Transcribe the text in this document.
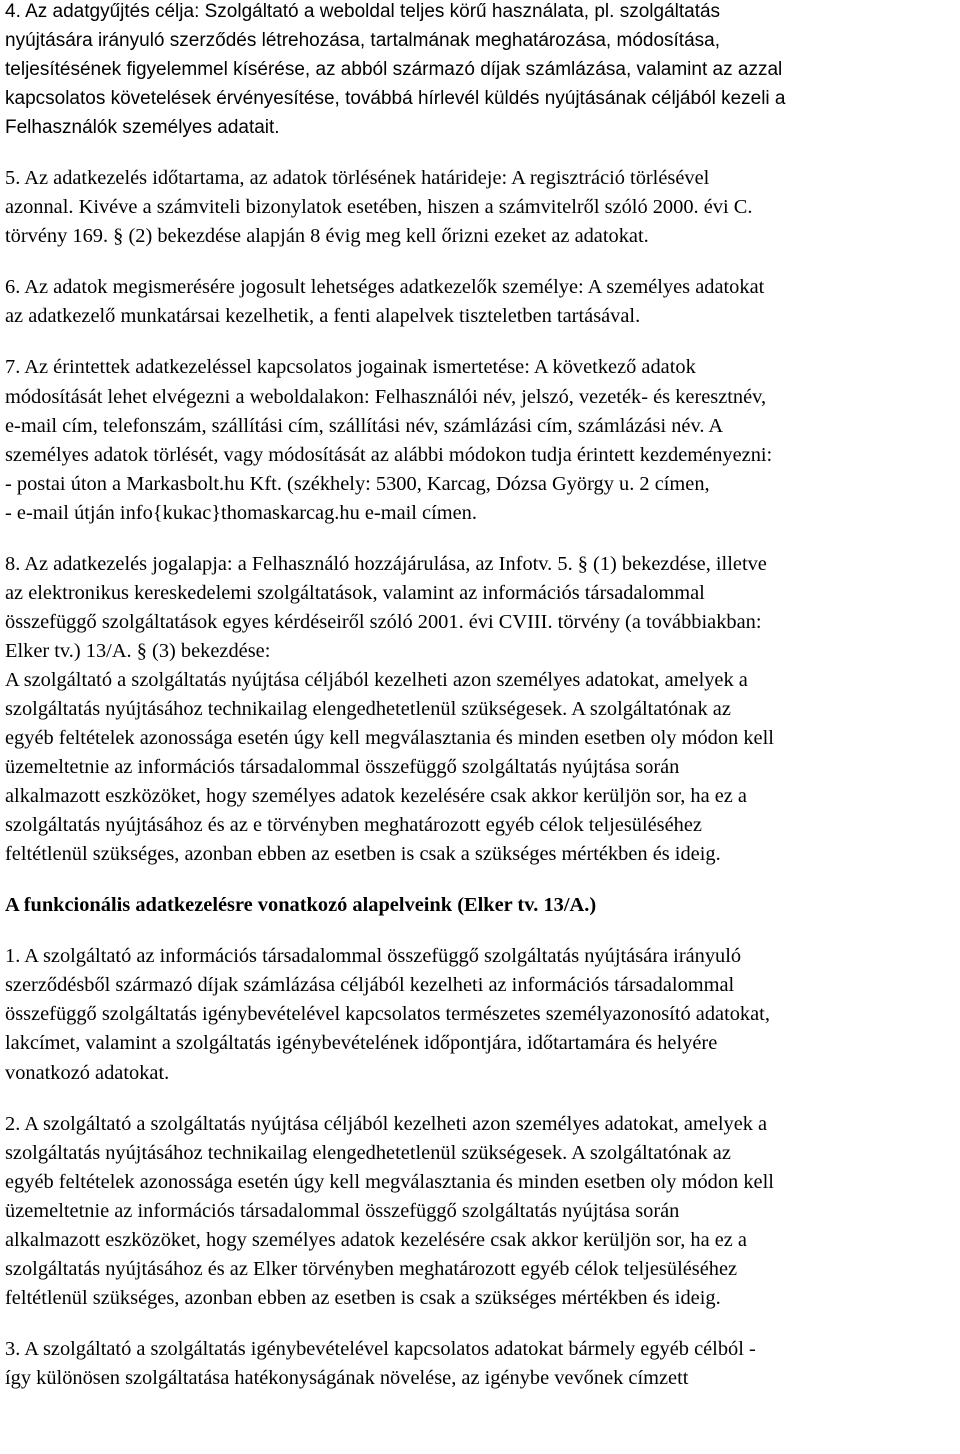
4. Az adatgyűjtés célja: Szolgáltató a weboldal teljes körű használata, pl. szolgáltatás
nyújtására irányuló szerződés létrehozása, tartalmának meghatározása, módosítása,
teljesítésének figyelemmel kísérése, az abból származó díjak számlázása, valamint az azzal
kapcsolatos követelések érvényesítése, továbbá hírlevél küldés nyújtásának céljából kezeli a
Felhasználók személyes adatait.
5. Az adatkezelés időtartama, az adatok törlésének határideje: A regisztráció törlésével
azonnal. Kivéve a számviteli bizonylatok esetében, hiszen a számvitelről szóló 2000. évi C.
törvény 169. § (2) bekezdése alapján 8 évig meg kell őrizni ezeket az adatokat.
6. Az adatok megismerésére jogosult lehetséges adatkezelők személye: A személyes adatokat
az adatkezelő munkatársai kezelhetik, a fenti alapelvek tiszteletben tartásával.
7. Az érintettek adatkezeléssel kapcsolatos jogainak ismertetése: A következő adatok
módosítását lehet elvégezni a weboldalakon: Felhasználói név, jelszó, vezeték- és keresztnév,
e-mail cím, telefonszám, szállítási cím, szállítási név, számlázási cím, számlázási név. A
személyes adatok törlését, vagy módosítását az alábbi módokon tudja érintett kezdeményezni:
- postai úton a Markasbolt.hu Kft. (székhely: 5300, Karcag, Dózsa György u. 2 címen,
- e-mail útján info{kukac}thomaskarcag.hu e-mail címen.
8. Az adatkezelés jogalapja: a Felhasználó hozzájárulása, az Infotv. 5. § (1) bekezdése, illetve
az elektronikus kereskedelemi szolgáltatások, valamint az információs társadalommal
összefüggő szolgáltatások egyes kérdéseiről szóló 2001. évi CVIII. törvény (a továbbiakban:
Elker tv.) 13/A. § (3) bekezdése:
A szolgáltató a szolgáltatás nyújtása céljából kezelheti azon személyes adatokat, amelyek a
szolgáltatás nyújtásához technikailag elengedhetetlenül szükségesek. A szolgáltatónak az
egyéb feltételek azonossága esetén úgy kell megválasztania és minden esetben oly módon kell
üzemeltetnie az információs társadalommal összefüggő szolgáltatás nyújtása során
alkalmazott eszközöket, hogy személyes adatok kezelésére csak akkor kerüljön sor, ha ez a
szolgáltatás nyújtásához és az e törvényben meghatározott egyéb célok teljesüléséhez
feltétlenül szükséges, azonban ebben az esetben is csak a szükséges mértékben és ideig.
A funkcionális adatkezelésre vonatkozó alapelveink (Elker tv. 13/A.)
1. A szolgáltató az információs társadalommal összefüggő szolgáltatás nyújtására irányuló
szerződésből származó díjak számlázása céljából kezelheti az információs társadalommal
összefüggő szolgáltatás igénybevételével kapcsolatos természetes személyazonosító adatokat,
lakcímet, valamint a szolgáltatás igénybevételének időpontjára, időtartamára és helyére
vonatkozó adatokat.
2. A szolgáltató a szolgáltatás nyújtása céljából kezelheti azon személyes adatokat, amelyek a
szolgáltatás nyújtásához technikailag elengedhetetlenül szükségesek. A szolgáltatónak az
egyéb feltételek azonossága esetén úgy kell megválasztania és minden esetben oly módon kell
üzemeltetnie az információs társadalommal összefüggő szolgáltatás nyújtása során
alkalmazott eszközöket, hogy személyes adatok kezelésére csak akkor kerüljön sor, ha ez a
szolgáltatás nyújtásához és az Elker törvényben meghatározott egyéb célok teljesüléséhez
feltétlenül szükséges, azonban ebben az esetben is csak a szükséges mértékben és ideig.
3. A szolgáltató a szolgáltatás igénybevételével kapcsolatos adatokat bármely egyéb célból -
így különösen szolgáltatása hatékonyságának növelése, az igénybe vevőnek címzett
